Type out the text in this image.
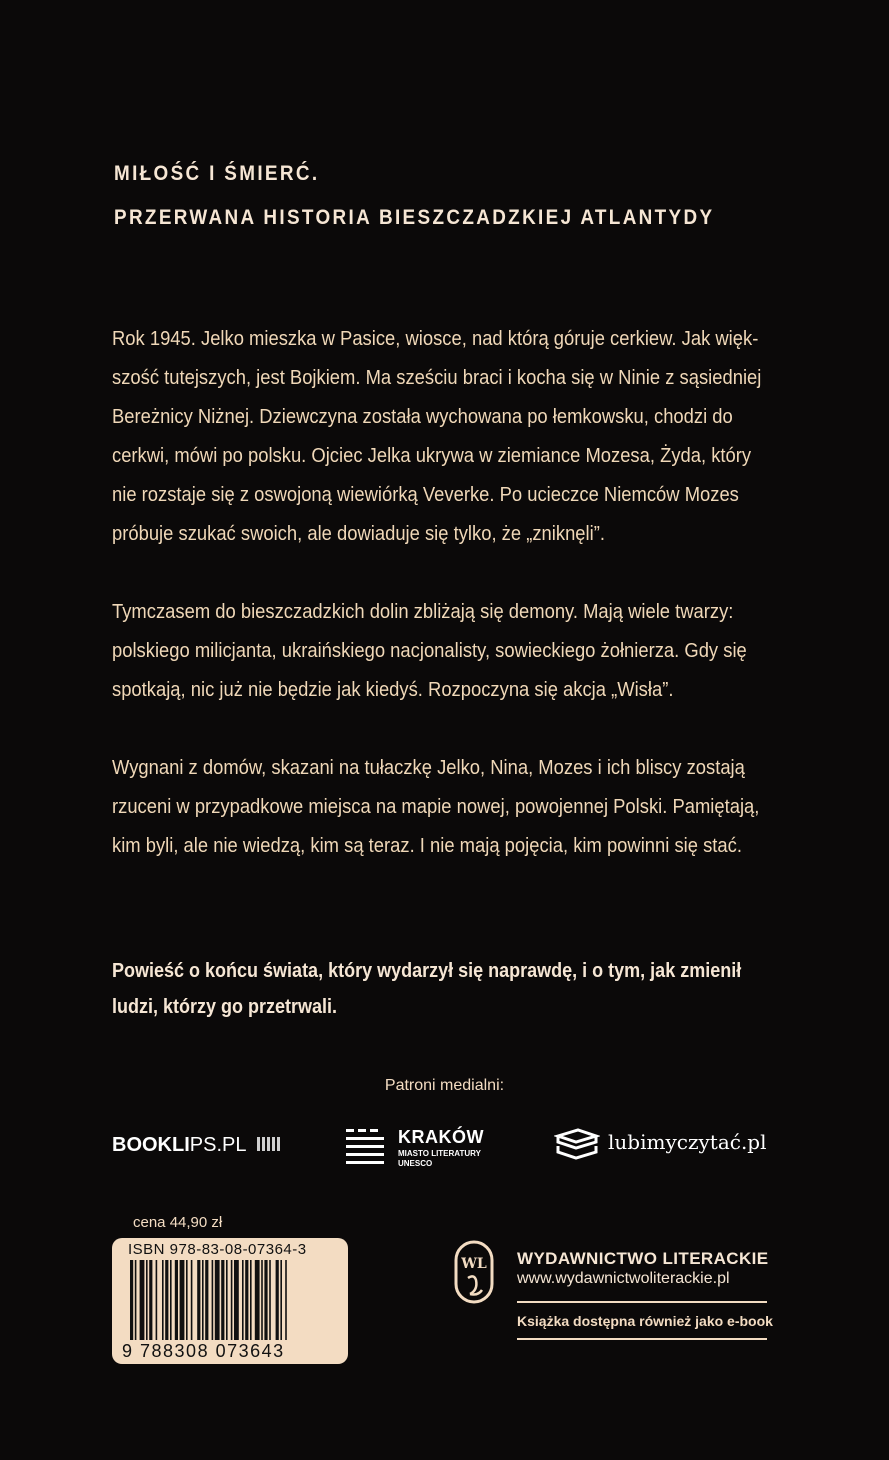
MIŁOŚĆ I ŚMIERĆ.
PRZERWANA HISTORIA BIESZCZADZKIEJ ATLANTYDY
Rok 1945. Jelko mieszka w Pasice, wiosce, nad którą góruje cerkiew. Jak więk-
szość tutejszych, jest Bojkiem. Ma sześciu braci i kocha się w Ninie z sąsiedniej
Bereżnicy Niżnej. Dziewczyna została wychowana po łemkowsku, chodzi do
cerkwi, mówi po polsku. Ojciec Jelka ukrywa w ziemiance Mozesa, Żyda, który
nie rozstaje się z oswojoną wiewiórką Veverke. Po ucieczce Niemców Mozes
próbuje szukać swoich, ale dowiaduje się tylko, że „zniknęli”.
Tymczasem do bieszczadzkich dolin zbliżają się demony. Mają wiele twarzy:
polskiego milicjanta, ukraińskiego nacjonalisty, sowieckiego żołnierza. Gdy się
spotkają, nic już nie będzie jak kiedyś. Rozpoczyna się akcja „Wisła”.
Wygnani z domów, skazani na tułaczkę Jelko, Nina, Mozes i ich bliscy zostają
rzuceni w przypadkowe miejsca na mapie nowej, powojennej Polski. Pamiętają,
kim byli, ale nie wiedzą, kim są teraz. I nie mają pojęcia, kim powinni się stać.
Powieść o końcu świata, który wydarzył się naprawdę, i o tym, jak zmienił
ludzi, którzy go przetrwali.
Patroni medialni:
BOOKLIPS.PL	KRAKÓW
MIASTO LITERATURY UNESCO
lubimyczytać.pl
cena 44,90 zł
ISBN 978-83-08-07364-3
9 788308 073643
WL WYDAWNICTWO LITERACKIE
www.wydawnictwoliterackie.pl
Książka dostępna również jako e-book
